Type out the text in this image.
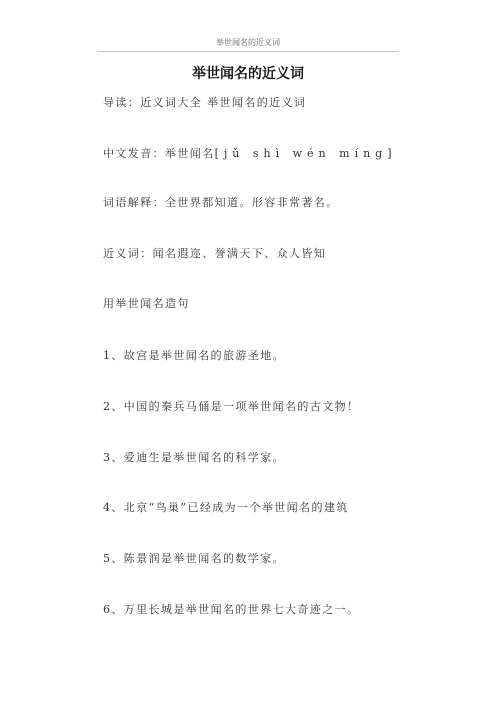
举世闻名的近义词
举世闻名的近义词
导读：近义词大全 举世闻名的近义词
中文发音：举世闻名[jǔ shì wén míng]
词语解释：全世界都知道。形容非常著名。
近义词：闻名遐迩、誉满天下、众人皆知
用举世闻名造句
1、故宫是举世闻名的旅游圣地。
2、中国的秦兵马俑是一项举世闻名的古文物！
3、爱迪生是举世闻名的科学家。
4、北京“鸟巢”已经成为一个举世闻名的建筑
5、陈景润是举世闻名的数学家。
6、万里长城是举世闻名的世界七大奇迹之一。
